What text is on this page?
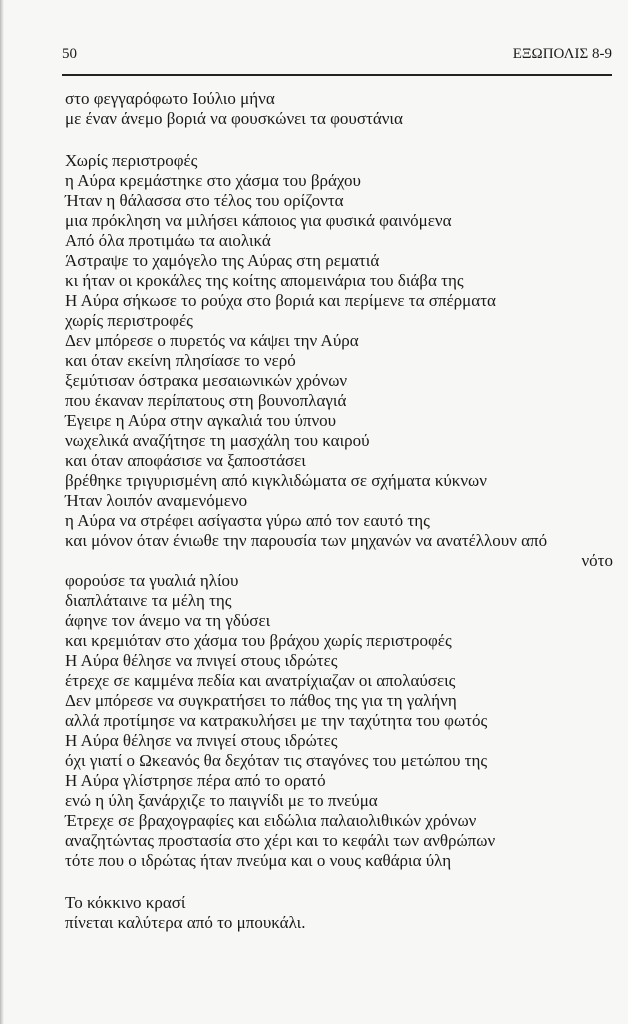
50	ΕΞΩΠΟΛΙΣ 8-9
στο φεγγαρόφωτο Ιούλιο μήνα
με έναν άνεμο βοριά να φουσκώνει τα φουστάνια
Χωρίς περιστροφές
η Αύρα κρεμάστηκε στο χάσμα του βράχου
Ήταν η θάλασσα στο τέλος του ορίζοντα
μια πρόκληση να μιλήσει κάποιος για φυσικά φαινόμενα
Από όλα προτιμάω τα αιολικά
Άστραψε το χαμόγελο της Αύρας στη ρεματιά
κι ήταν οι κροκάλες της κοίτης απομεινάρια του διάβα της
Η Αύρα σήκωσε το ρούχα στο βοριά και περίμενε τα σπέρματα
χωρίς περιστροφές
Δεν μπόρεσε ο πυρετός να κάψει την Αύρα
και όταν εκείνη πλησίασε το νερό
ξεμύτισαν όστρακα μεσαιωνικών χρόνων
που έκαναν περίπατους στη βουνοπλαγιά
Έγειρε η Αύρα στην αγκαλιά του ύπνου
νωχελικά αναζήτησε τη μασχάλη του καιρού
και όταν αποφάσισε να ξαποστάσει
βρέθηκε τριγυρισμένη από κιγκλιδώματα σε σχήματα κύκνων
Ήταν λοιπόν αναμενόμενο
η Αύρα να στρέφει ασίγαστα γύρω από τον εαυτό της
και μόνον όταν ένιωθε την παρουσία των μηχανών να ανατέλλουν από
νότο
φορούσε τα γυαλιά ηλίου
διαπλάταινε τα μέλη της
άφηνε τον άνεμο να τη γδύσει
και κρεμιόταν στο χάσμα του βράχου χωρίς περιστροφές
Η Αύρα θέλησε να πνιγεί στους ιδρώτες
έτρεχε σε καμμένα πεδία και ανατρίχιαζαν οι απολαύσεις
Δεν μπόρεσε να συγκρατήσει το πάθος της για τη γαλήνη
αλλά προτίμησε να κατρακυλήσει με την ταχύτητα του φωτός
Η Αύρα θέλησε να πνιγεί στους ιδρώτες
όχι γιατί ο Ωκεανός θα δεχόταν τις σταγόνες του μετώπου της
Η Αύρα γλίστρησε πέρα από το ορατό
ενώ η ύλη ξανάρχιζε το παιγνίδι με το πνεύμα
Έτρεχε σε βραχογραφίες και ειδώλια παλαιολιθικών χρόνων
αναζητώντας προστασία στο χέρι και το κεφάλι των ανθρώπων
τότε που ο ιδρώτας ήταν πνεύμα και ο νους καθάρια ύλη
Το κόκκινο κρασί
πίνεται καλύτερα από το μπουκάλι.
